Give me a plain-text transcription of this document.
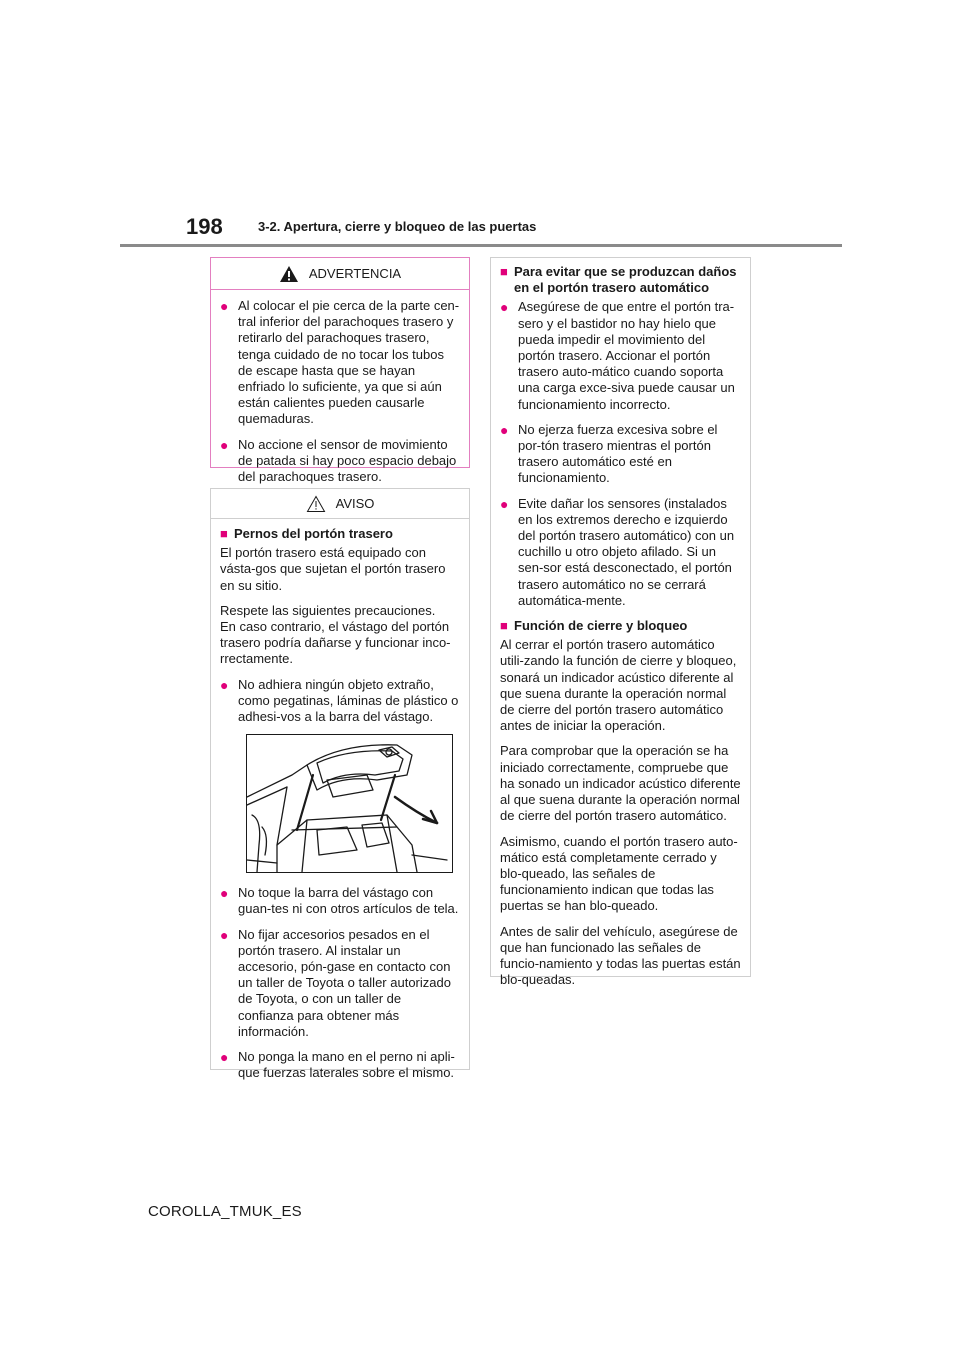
198	3-2. Apertura, cierre y bloqueo de las puertas
ADVERTENCIA
● Al colocar el pie cerca de la parte cen-tral inferior del parachoques trasero y retirarlo del parachoques trasero, tenga cuidado de no tocar los tubos de escape hasta que se hayan enfriado lo suficiente, ya que si aún están calientes pueden causarle quemaduras.
● No accione el sensor de movimiento de patada si hay poco espacio debajo del parachoques trasero.
AVISO
■ Pernos del portón trasero
El portón trasero está equipado con vásta-gos que sujetan el portón trasero en su sitio.
Respete las siguientes precauciones.
En caso contrario, el vástago del portón trasero podría dañarse y funcionar inco-rrectamente.
● No adhiera ningún objeto extraño, como pegatinas, láminas de plástico o adhesi-vos a la barra del vástago.
● No toque la barra del vástago con guan-tes ni con otros artículos de tela.
● No fijar accesorios pesados en el portón trasero. Al instalar un accesorio, pón-gase en contacto con un taller de Toyota o taller autorizado de Toyota, o con un taller de confianza para obtener más información.
● No ponga la mano en el perno ni apli-que fuerzas laterales sobre el mismo.
■ Para evitar que se produzcan daños en el portón trasero automático
● Asegúrese de que entre el portón tra-sero y el bastidor no hay hielo que pueda impedir el movimiento del portón trasero. Accionar el portón trasero auto-mático cuando soporta una carga exce-siva puede causar un funcionamiento incorrecto.
● No ejerza fuerza excesiva sobre el por-tón trasero mientras el portón trasero automático esté en funcionamiento.
● Evite dañar los sensores (instalados en los extremos derecho e izquierdo del portón trasero automático) con un cuchillo u otro objeto afilado. Si un sen-sor está desconectado, el portón trasero automático no se cerrará automática-mente.
■ Función de cierre y bloqueo
Al cerrar el portón trasero automático utili-zando la función de cierre y bloqueo, sonará un indicador acústico diferente al que suena durante la operación normal de cierre del portón trasero automático antes de iniciar la operación.
Para comprobar que la operación se ha iniciado correctamente, compruebe que ha sonado un indicador acústico diferente al que suena durante la operación normal de cierre del portón trasero automático.
Asimismo, cuando el portón trasero auto-mático está completamente cerrado y blo-queado, las señales de funcionamiento indican que todas las puertas se han blo-queado.
Antes de salir del vehículo, asegúrese de que han funcionado las señales de funcio-namiento y todas las puertas están blo-queadas.
COROLLA_TMUK_ES
